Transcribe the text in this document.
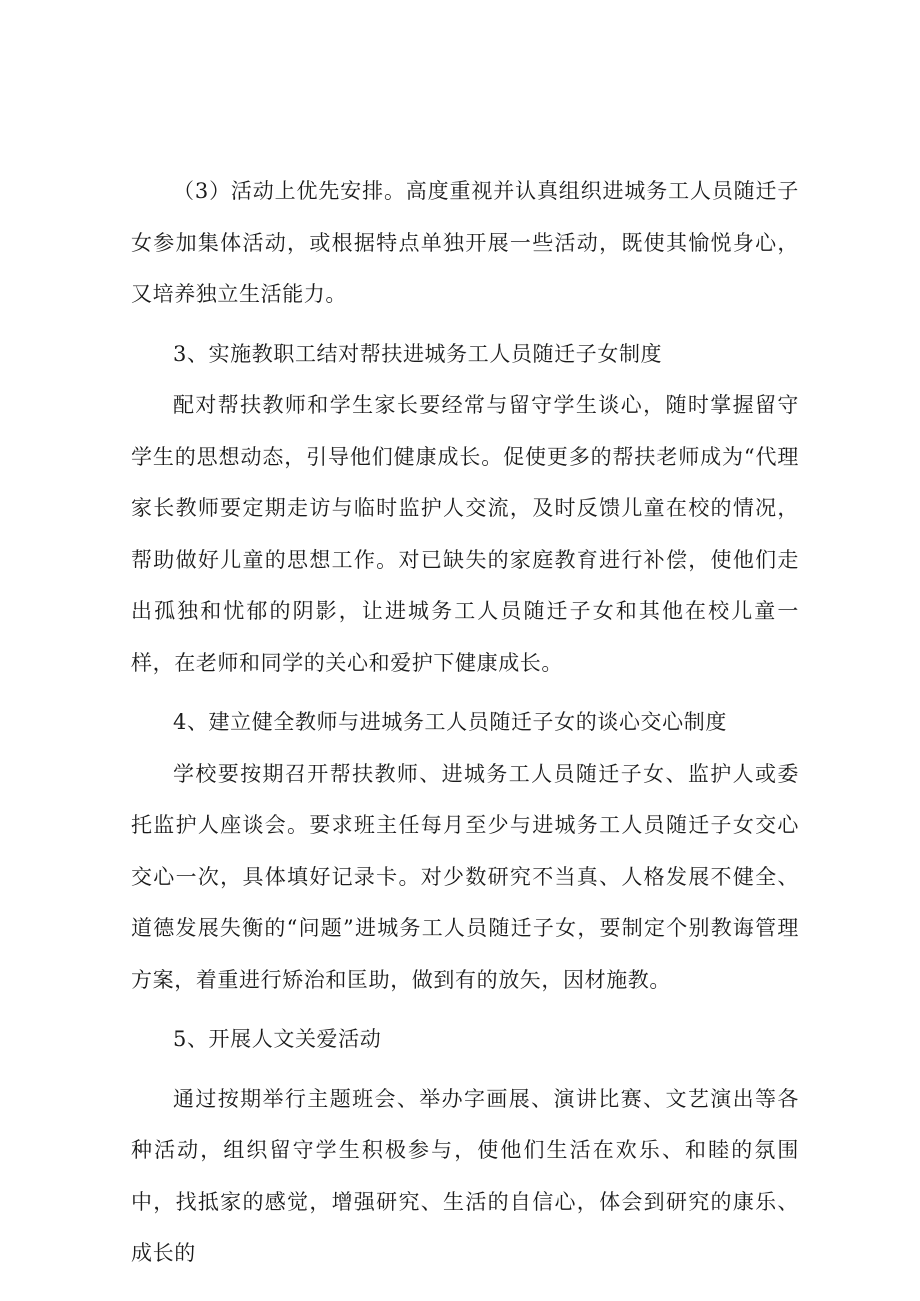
（3）活动上优先安排。高度重视并认真组织进城务工人员随迁子女参加集体活动，或根据特点单独开展一些活动，既使其愉悦身心，又培养独立生活能力。

3、实施教职工结对帮扶进城务工人员随迁子女制度

配对帮扶教师和学生家长要经常与留守学生谈心，随时掌握留守学生的思想动态，引导他们健康成长。促使更多的帮扶老师成为“代理家长教师要定期走访与临时监护人交流，及时反馈儿童在校的情况，帮助做好儿童的思想工作。对已缺失的家庭教育进行补偿，使他们走出孤独和忧郁的阴影，让进城务工人员随迁子女和其他在校儿童一样，在老师和同学的关心和爱护下健康成长。

4、建立健全教师与进城务工人员随迁子女的谈心交心制度

学校要按期召开帮扶教师、进城务工人员随迁子女、监护人或委托监护人座谈会。要求班主任每月至少与进城务工人员随迁子女交心交心一次，具体填好记录卡。对少数研究不当真、人格发展不健全、道德发展失衡的“问题”进城务工人员随迁子女，要制定个别教诲管理方案，着重进行矫治和匡助，做到有的放矢，因材施教。

5、开展人文关爱活动

通过按期举行主题班会、举办字画展、演讲比赛、文艺演出等各种活动，组织留守学生积极参与，使他们生活在欢乐、和睦的氛围中，找抵家的感觉，增强研究、生活的自信心，体会到研究的康乐、成长的
